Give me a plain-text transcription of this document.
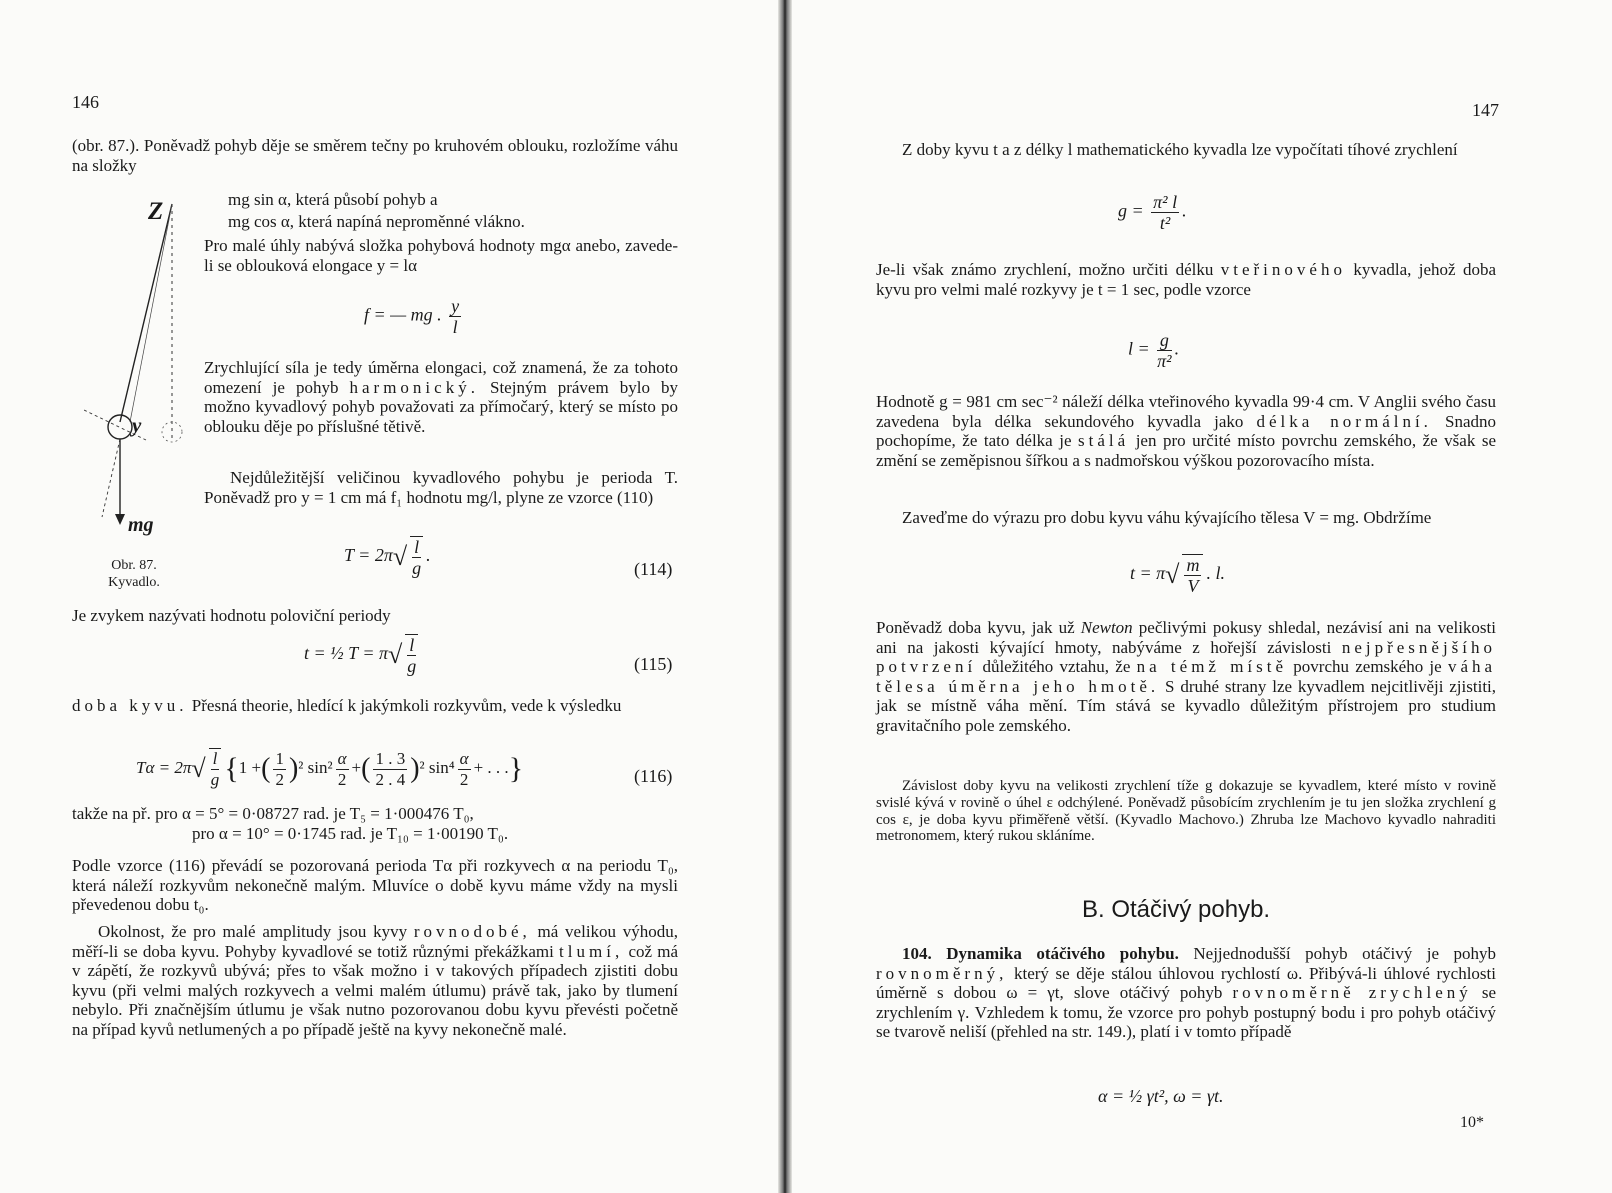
146
(obr. 87.). Poněvadž pohyb děje se směrem tečny po kruhovém oblouku, rozložíme váhu na složky
Z
y
mg
Obr. 87.
Kyvadlo.
mg sin α, která působí pohyb a
mg cos α, která napíná neproměnné vlákno.
Pro malé úhly nabývá složka pohybová hodnoty mgα anebo, zavede-li se oblouková elongace y = lα
f = — mg . $\frac{y}{l}$
Zrychlující síla je tedy úměrna elongaci, což znamená, že za tohoto omezení je pohyb harmonický. Stejným právem bylo by možno kyvadlový pohyb považovati za přímočarý, který se místo po oblouku děje po příslušné tětivě.
Nejdůležitější veličinou kyvadlového pohybu je perioda T. Poněvadž pro y = 1 cm má f₁ hodnotu mg/l, plyne ze vzorce (110)
$T = 2\pi√ \frac{l}{g}$ .
(114)
Je zvykem nazývati hodnotu poloviční periody
t = ½ $T = \pi√ \frac{l}{g}$	(115)
doba kyvu. Přesná theorie, hledící k jakýmkoli rozkyvům, vede k výsledku
$T\alpha = 2\pi√ \frac{l}{g} \{1$ +( $\frac{1}{2} )^2$ $\sin^2 \frac{\alpha}{2}$ +( $\frac{1 . 3}{2 . 4} )^2$ $\sin^4 \frac{\alpha}{2}$ + . . .}	(116)
takže na př. pro α = 5° = 0·08727 rad. je T₅ = 1·000476 T₀,
pro α = 10° = 0·1745 rad. je T₁₀ = 1·00190 T₀.
Podle vzorce (116) převádí se pozorovaná perioda Tα při rozkyvech α na periodu T₀, která náleží rozkyvům nekonečně malým. Mluvíce o době kyvu máme vždy na mysli převedenou dobu t₀.
Okolnost, že pro malé amplitudy jsou kyvy rovnodobé, má velikou výhodu, měří-li se doba kyvu. Pohyby kyvadlové se totiž různými překážkami tlumí, což má v zápětí, že rozkyvů ubývá; přes to však možno i v takových případech zjistiti dobu kyvu (při velmi malých rozkyvech a velmi malém útlumu) právě tak, jako by tlumení nebylo. Při značnějším útlumu je však nutno pozorovanou dobu kyvu převésti početně na případ kyvů netlumených a po případě ještě na kyvy nekonečně malé.
147
Z doby kyvu t a z délky l mathematického kyvadla lze vypočítati tíhové zrychlení
$g = \frac{\text{π² l}}{\text{t²}}$ .
Je-li však známo zrychlení, možno určiti délku vteřinového kyvadla, jehož doba kyvu pro velmi malé rozkyvy je t = 1 sec, podle vzorce
$l = \frac{g}{\text{π²}}$ .
Hodnotě g = 981 cm sec⁻² náleží délka vteřinového kyvadla 99·4 cm. V Anglii svého času zavedena byla délka sekundového kyvadla jako délka normální. Snadno pochopíme, že tato délka je stálá jen pro určité místo povrchu zemského, že však se změní se zeměpisnou šířkou a s nadmořskou výškou pozorovacího místa.
Zaveďme do výrazu pro dobu kyvu váhu kývajícího tělesa V = mg. Obdržíme
$t = \pi√ \frac{m}{V}$ . l.
Poněvadž doba kyvu, jak už Newton pečlivými pokusy shledal, nezávisí ani na velikosti ani na jakosti kývající hmoty, nabýváme z hořejší závislosti nejpřesnějšího potvrzení důležitého vztahu, že na témž místě povrchu zemského je váha tělesa úměrna jeho hmotě. S druhé strany lze kyvadlem nejcitlivěji zjistiti, jak se místně váha mění. Tím stává se kyvadlo důležitým přístrojem pro studium gravitačního pole zemského.
Závislost doby kyvu na velikosti zrychlení tíže g dokazuje se kyvadlem, které místo v rovině svislé kývá v rovině o úhel ε odchýlené. Poněvadž působícím zrychlením je tu jen složka zrychlení g cos ε, je doba kyvu přiměřeně větší. (Kyvadlo Machovo.) Zhruba lze Machovo kyvadlo nahraditi metronomem, který rukou skláníme.
B. Otáčivý pohyb.
104. Dynamika otáčivého pohybu. Nejjednodušší pohyb otáčivý je pohyb rovnoměrný, který se děje stálou úhlovou rychlostí ω. Přibývá-li úhlové rychlosti úměrně s dobou ω = γt, slove otáčivý pohyb rovnoměrně zrychlený se zrychlením γ. Vzhledem k tomu, že vzorce pro pohyb postupný bodu i pro pohyb otáčivý se tvarově neliší (přehled na str. 149.), platí i v tomto případě
α = ½ γt², ω = γt.
10*
